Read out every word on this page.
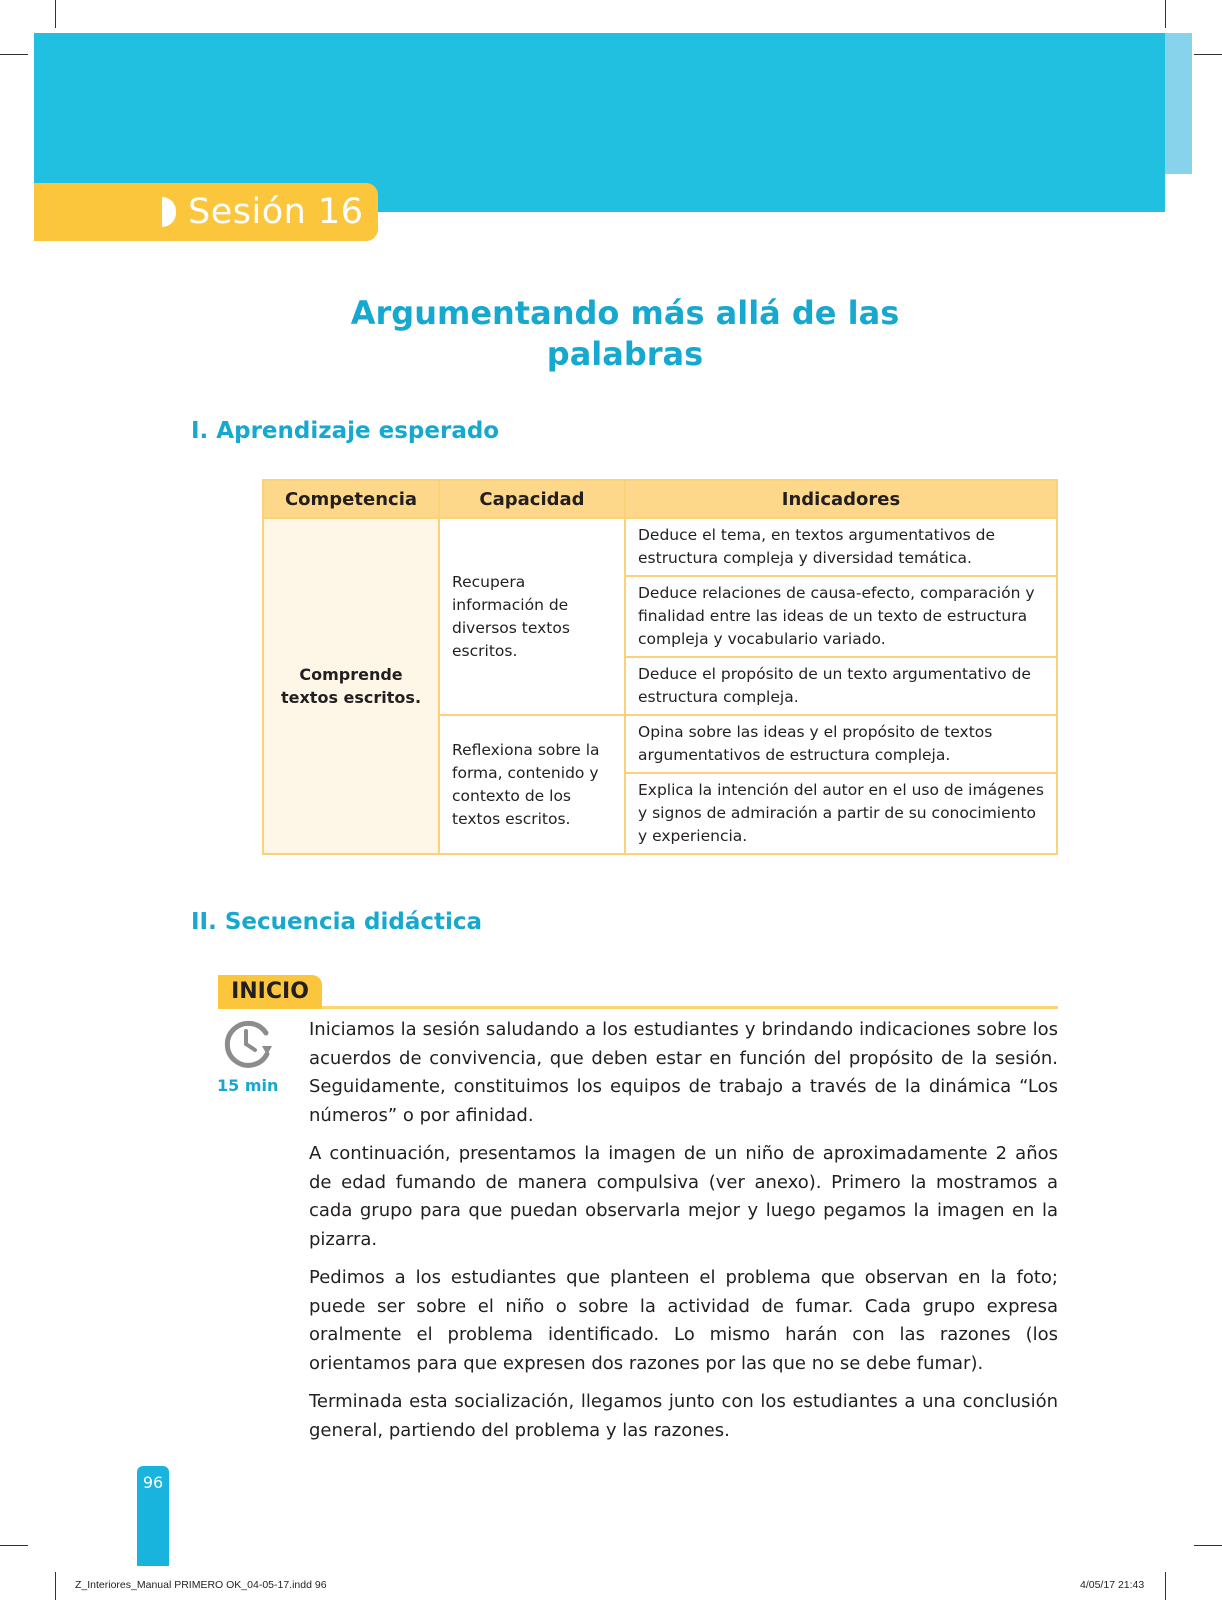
Sesión 16
Argumentando más allá de las palabras
I. Aprendizaje esperado
Competencia	Capacidad	Indicadores
Comprende textos escritos.	Recupera información de diversos textos escritos.	Deduce el tema, en textos argumentativos de estructura compleja y diversidad temática.
		Deduce relaciones de causa-efecto, comparación y finalidad entre las ideas de un texto de estructura compleja y vocabulario variado.
		Deduce el propósito de un texto argumentativo de estructura compleja.
	Reflexiona sobre la forma, contenido y contexto de los textos escritos.	Opina sobre las ideas y el propósito de textos argumentativos de estructura compleja.
		Explica la intención del autor en el uso de imágenes y signos de admiración a partir de su conocimiento y experiencia.
II. Secuencia didáctica
INICIO
15 min

Iniciamos la sesión saludando a los estudiantes y brindando indicaciones sobre los acuerdos de convivencia, que deben estar en función del propósito de la sesión. Seguidamente, constituimos los equipos de trabajo a través de la dinámica “Los números” o por afinidad.

A continuación, presentamos la imagen de un niño de aproximadamente 2 años de edad fumando de manera compulsiva (ver anexo). Primero la mostramos a cada grupo para que puedan observarla mejor y luego pegamos la imagen en la pizarra.

Pedimos a los estudiantes que planteen el problema que observan en la foto; puede ser sobre el niño o sobre la actividad de fumar. Cada grupo expresa oralmente el problema identificado. Lo mismo harán con las razones (los orientamos para que expresen dos razones por las que no se debe fumar).

Terminada esta socialización, llegamos junto con los estudiantes a una conclusión general, partiendo del problema y las razones.

96
Z_Interiores_Manual PRIMERO OK_04-05-17.indd 96	4/05/17 21:43
